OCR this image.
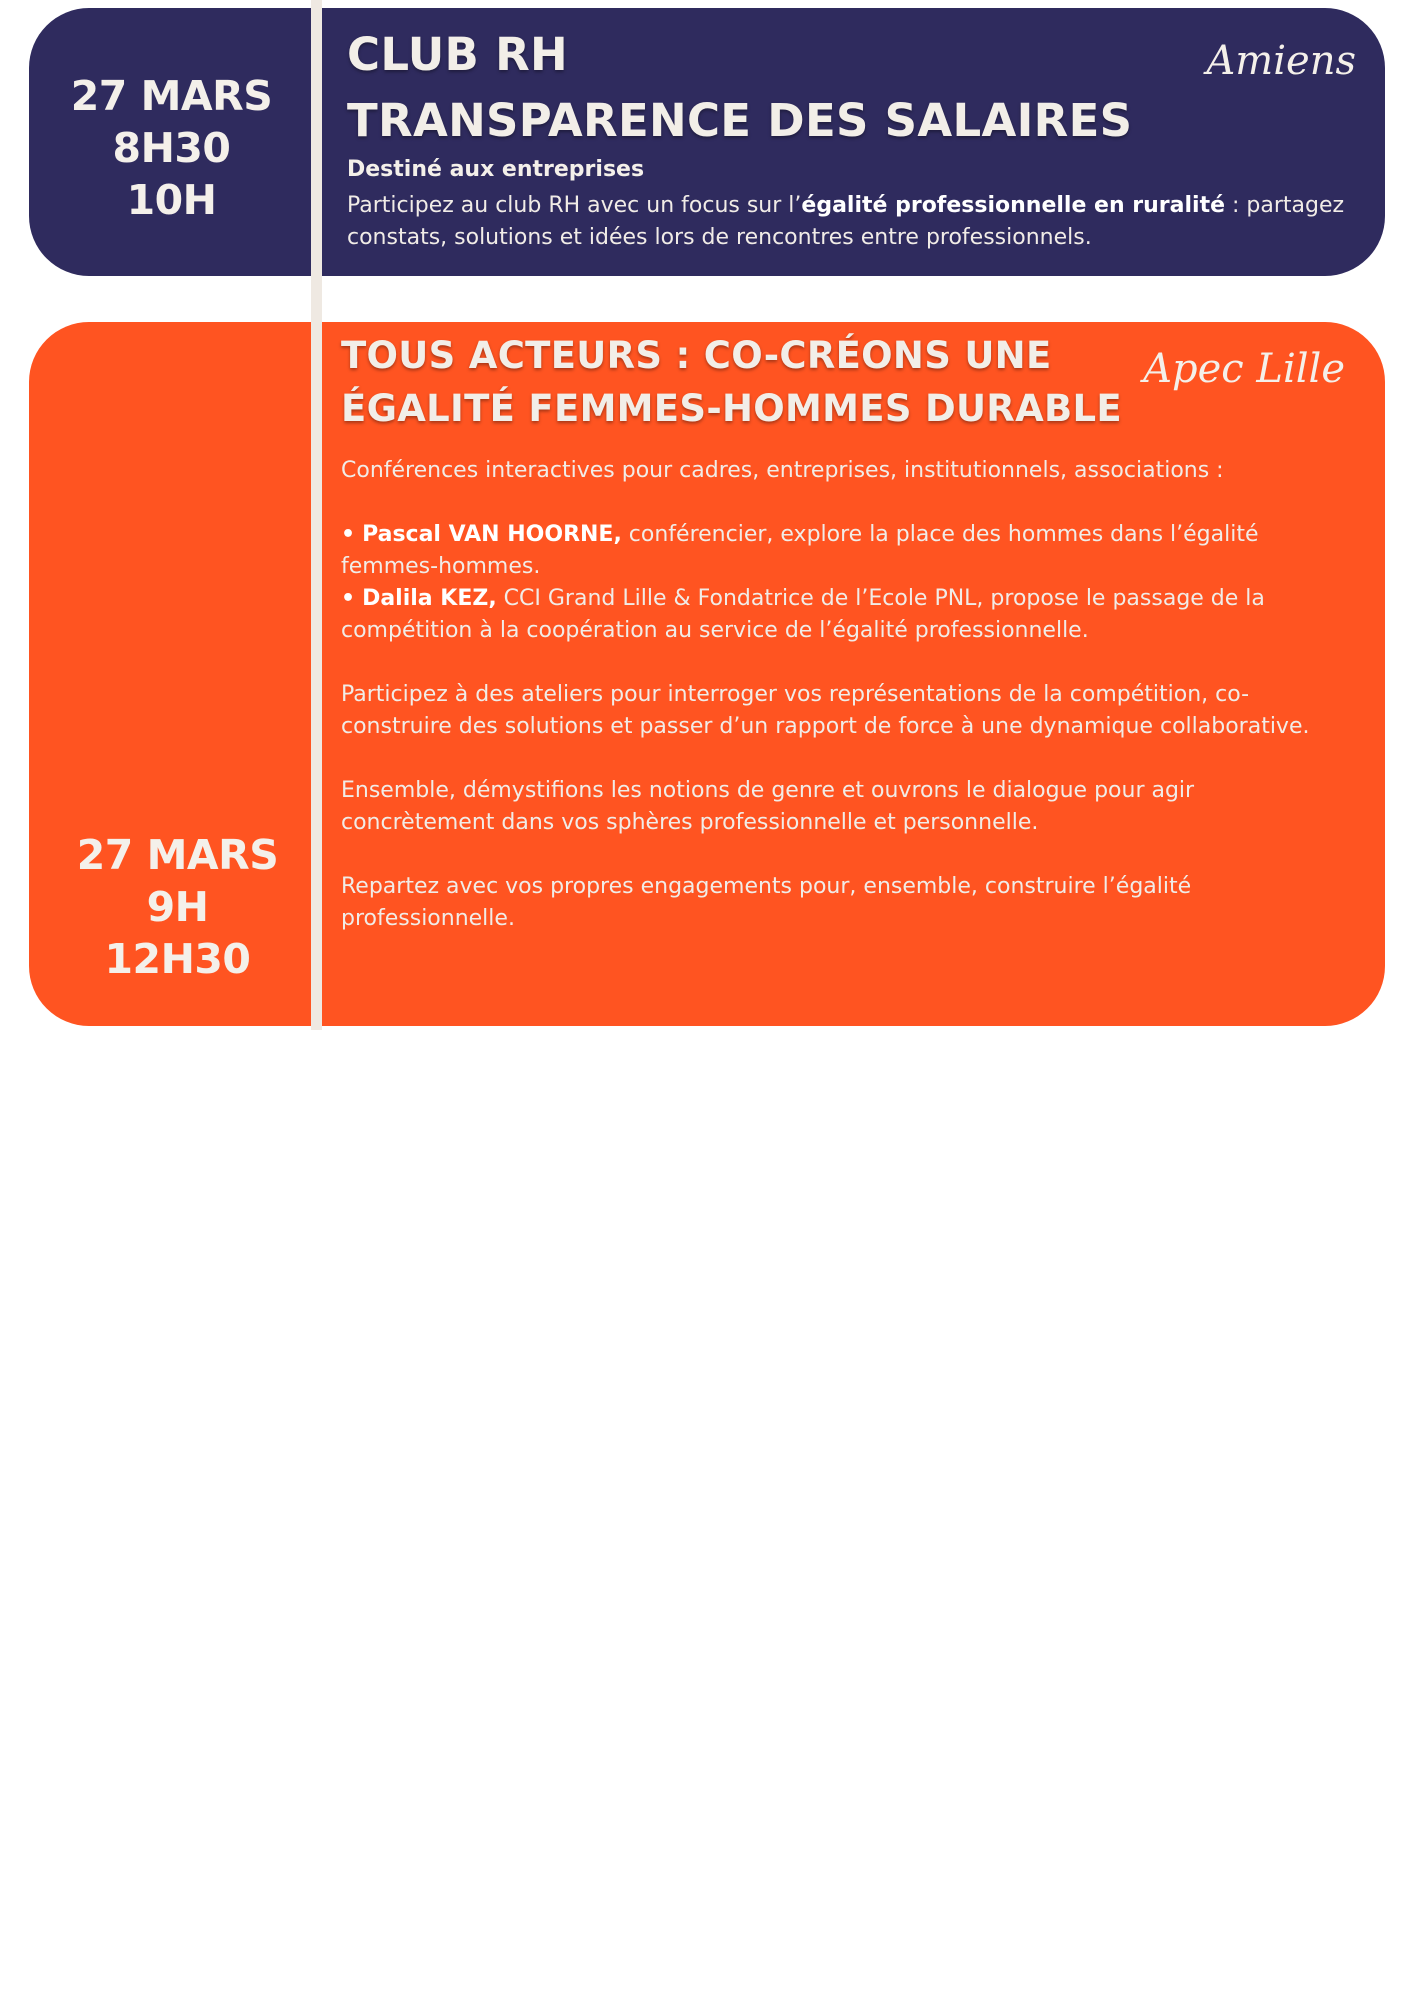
27 MARS
8H30
10H
Amiens
CLUB RH
TRANSPARENCE DES SALAIRES
Destiné aux entreprises
Participez au club RH avec un focus sur l’égalité professionnelle en ruralité : partagez constats, solutions et idées lors de rencontres entre professionnels.
27 MARS
9H
12H30
Apec Lille
TOUS ACTEURS : CO-CRÉONS UNE
ÉGALITÉ FEMMES-HOMMES DURABLE
Conférences interactives pour cadres, entreprises, institutionnels, associations :
• Pascal VAN HOORNE, conférencier, explore la place des hommes dans l’égalité femmes-hommes.
• Dalila KEZ, CCI Grand Lille & Fondatrice de l’Ecole PNL, propose le passage de la compétition à la coopération au service de l’égalité professionnelle.
Participez à des ateliers pour interroger vos représentations de la compétition, co-construire des solutions et passer d’un rapport de force à une dynamique collaborative.
Ensemble, démystifions les notions de genre et ouvrons le dialogue pour agir concrètement dans vos sphères professionnelle et personnelle.
Repartez avec vos propres engagements pour, ensemble, construire l’égalité professionnelle.
